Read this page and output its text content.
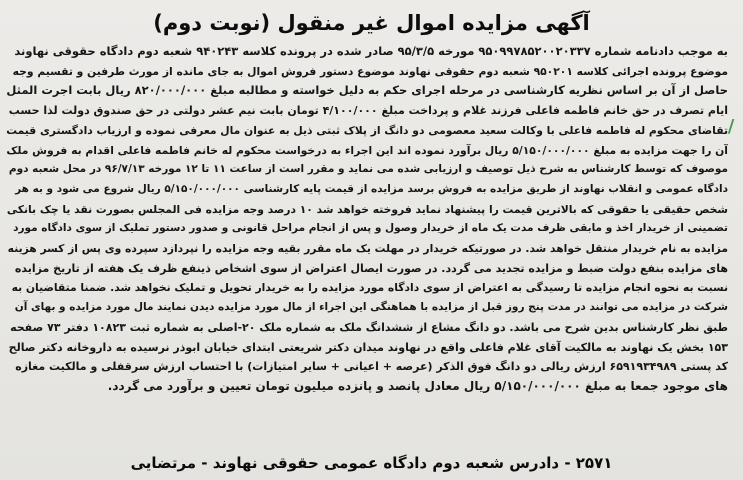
آگهی مزایده اموال غیر منقول (نوبت دوم)
/
به موجب دادنامه شماره ۹۵۰۹۹۷۸۵۲۰۰۲۰۳۳۷ مورخه ۹۵/۳/۵ صادر شده در پرونده کلاسه ۹۴۰۲۴۳ شعبه دوم دادگاه حقوقی نهاوند
موضوع پرونده اجرائی کلاسه ۹۵۰۲۰۱ شعبه دوم حقوقی نهاوند موضوع دستور فروش اموال به جای مانده از مورث طرفین و تقسیم وجه
حاصل از آن بر اساس نظریه کارشناسی در مرحله اجرای حکم به دلیل خواسته و مطالبه مبلغ ۸۲۰/۰۰۰/۰۰۰ ریال بابت اجرت المثل
ایام تصرف در حق خانم فاطمه فاعلی فرزند غلام و پرداخت مبلغ ۴/۱۰۰/۰۰۰ تومان بابت نیم عشر دولتی در حق صندوق دولت لذا حسب
تقاضای محکوم له فاطمه فاعلی با وکالت سعید معصومی دو دانگ از پلاک ثبتی ذیل به عنوان مال معرفی نموده و ارزیاب دادگستری قیمت
آن را جهت مزایده به مبلغ ۵/۱۵۰/۰۰۰/۰۰۰ ریال برآورد نموده اند این اجراء به درخواست محکوم له خانم فاطمه فاعلی اقدام به فروش ملک
موصوف که توسط کارشناس به شرح ذیل توصیف و ارزیابی شده می نماید و مقرر است از ساعت ۱۱ تا ۱۲ مورخه ۹۶/۷/۱۳ در محل شعبه دوم
دادگاه عمومی و انقلاب نهاوند از طریق مزایده به فروش برسد مزایده از قیمت پایه کارشناسی ۵/۱۵۰/۰۰۰/۰۰۰ ریال شروع می شود و به هر
شخص حقیقی یا حقوقی که بالاترین قیمت را پیشنهاد نماید فروخته خواهد شد ۱۰ درصد وجه مزایده فی المجلس بصورت نقد یا چک بانکی
تضمینی از خریدار اخذ و مابقی ظرف مدت یک ماه از خریدار وصول و پس از انجام مراحل قانونی و صدور دستور تملیک از سوی دادگاه مورد
مزایده به نام خریدار منتقل خواهد شد. در صورتیکه خریدار در مهلت یک ماه مقرر بقیه وجه مزایده را نپردازد سپرده وی پس از کسر هزینه
های مزایده بنفع دولت ضبط و مزایده تجدید می گردد. در صورت ایصال اعتراض از سوی اشخاص ذینفع ظرف یک هفته از تاریخ مزایده
نسبت به نحوه انجام مزایده تا رسیدگی به اعتراض از سوی دادگاه مورد مزایده را به خریدار تحویل و تملیک نخواهد شد. ضمنا متقاضیان به
شرکت در مزایده می توانند در مدت پنج روز قبل از مزایده با هماهنگی این اجراء از مال مورد مزایده دیدن نمایند مال مورد مزایده و بهای آن
طبق نظر کارشناس بدین شرح می باشد. دو دانگ مشاع از ششدانگ ملک به شماره ملک ۲۰-اصلی به شماره ثبت ۱۰۸۲۳ دفتر ۷۳ صفحه
۱۵۳ بخش یک نهاوند به مالکیت آقای غلام فاعلی واقع در نهاوند میدان دکتر شریعتی ابتدای خیابان ابوذر نرسیده به داروخانه دکتر صالح
کد پستی ۶۵۹۱۹۳۴۹۸۹ ارزش ریالی دو دانگ فوق الذکر (عرصه + اعیانی + سایر امتیازات) با احتساب ارزش سرقفلی و مالکیت مغازه
های موجود جمعا به مبلغ ۵/۱۵۰/۰۰۰/۰۰۰ ریال معادل پانصد و پانزده میلیون تومان تعیین و برآورد می گردد.
۲۵۷۱ - دادرس شعبه دوم دادگاه عمومی حقوقی نهاوند - مرتضایی
